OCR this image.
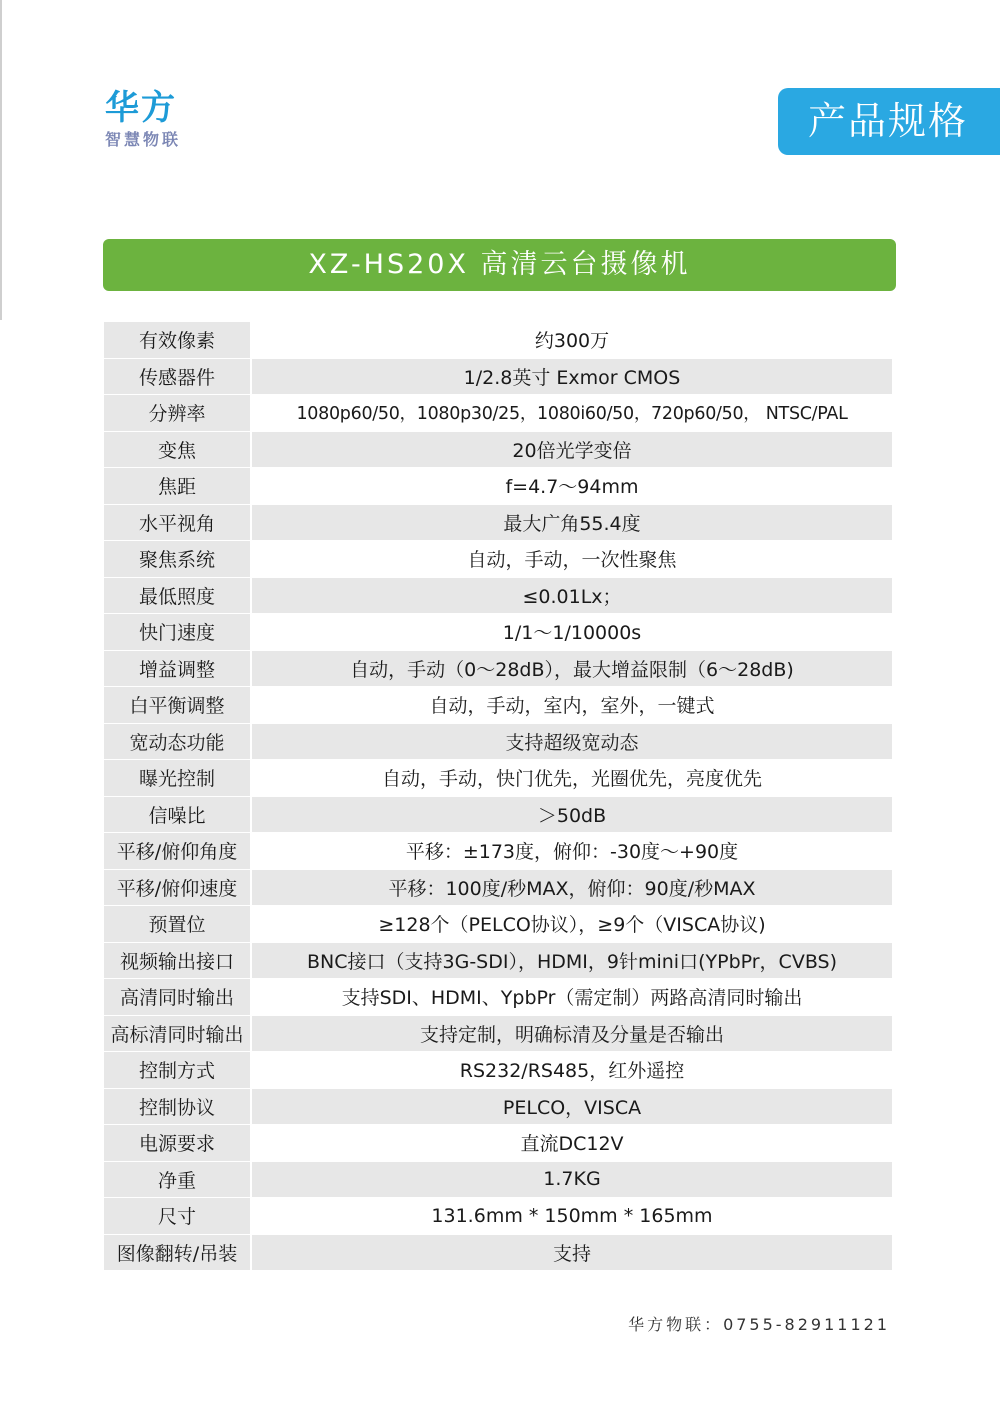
华方
智慧物联	产品规格
XZ-HS20X 高清云台摄像机
有效像素	约300万
传感器件	1/2.8英寸 Exmor CMOS
分辨率	1080p60/50，1080p30/25，1080i60/50，720p60/50， NTSC/PAL
变焦	20倍光学变倍
焦距	f=4.7～94mm
水平视角	最大广角55.4度
聚焦系统	自动，手动，一次性聚焦
最低照度	≤0.01Lx；
快门速度	1/1～1/10000s
增益调整	自动，手动（0～28dB），最大增益限制（6～28dB)
白平衡调整	自动，手动，室内，室外，一键式
宽动态功能	支持超级宽动态
曝光控制	自动，手动，快门优先，光圈优先，亮度优先
信噪比	＞50dB
平移/俯仰角度	平移：±173度，俯仰：-30度～+90度
平移/俯仰速度	平移：100度/秒MAX，俯仰：90度/秒MAX
预置位	≥128个（PELCO协议），≥9个（VISCA协议)
视频输出接口	BNC接口（支持3G-SDI），HDMI，9针mini口(YPbPr，CVBS)
高清同时输出	支持SDI、HDMI、YpbPr（需定制）两路高清同时输出
高标清同时输出	支持定制，明确标清及分量是否输出
控制方式	RS232/RS485，红外遥控
控制协议	PELCO，VISCA
电源要求	直流DC12V
净重	1.7KG
尺寸	131.6mm * 150mm * 165mm
图像翻转/吊装	支持
华方物联：0755-82911121
